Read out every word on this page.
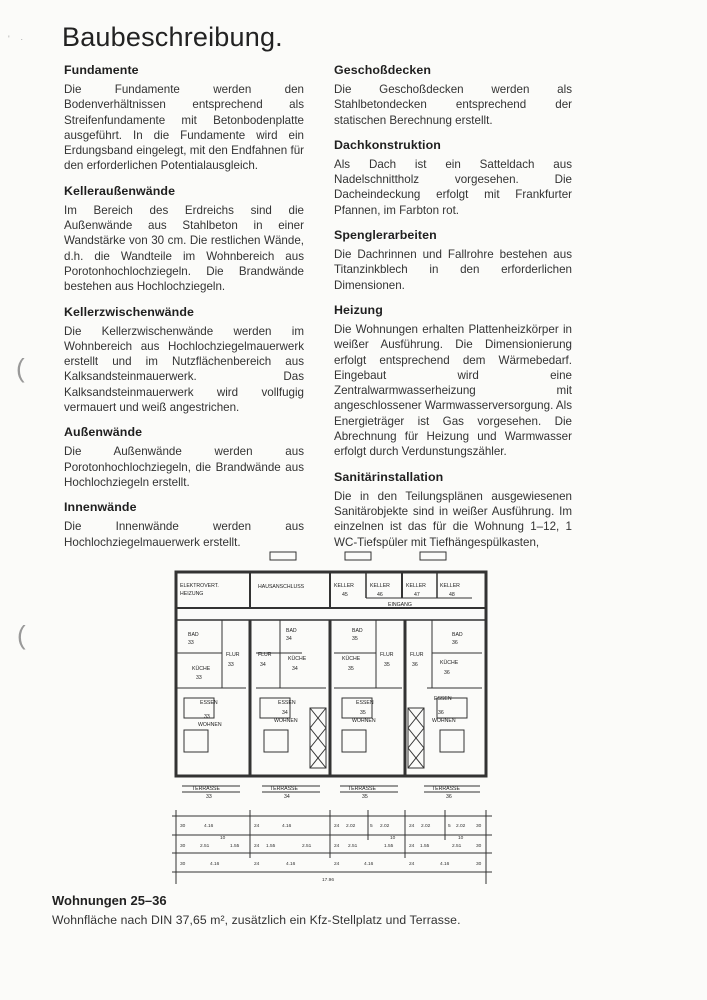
' ·
(
(
Baubeschreibung.
Fundamente

Die Fundamente werden den Bodenverhältnissen entsprechend als Streifenfundamente mit Betonbodenplatte ausgeführt. In die Fundamente wird ein Erdungsband eingelegt, mit den Endfahnen für den erforderlichen Potentialausgleich.

Kelleraußenwände

Im Bereich des Erdreichs sind die Außenwände aus Stahlbeton in einer Wandstärke von 30 cm. Die restlichen Wände, d.h. die Wandteile im Wohnbereich aus Porotonhochlochziegeln. Die Brandwände bestehen aus Hochlochziegeln.

Kellerzwischenwände

Die Kellerzwischenwände werden im Wohnbereich aus Hochlochziegelmauerwerk erstellt und im Nutzflächenbereich aus Kalksandsteinmauerwerk. Das Kalksandsteinmauerwerk wird vollfugig vermauert und weiß angestrichen.

Außenwände

Die Außenwände werden aus Porotonhochlochziegeln, die Brandwände aus Hochlochziegeln erstellt.

Innenwände

Die Innenwände werden aus Hochlochziegelmauerwerk erstellt.

Geschoßdecken

Die Geschoßdecken werden als Stahlbetondecken entsprechend der statischen Berechnung erstellt.

Dachkonstruktion

Als Dach ist ein Satteldach aus Nadelschnittholz vorgesehen. Die Dacheindeckung erfolgt mit Frankfurter Pfannen, im Farbton rot.

Spenglerarbeiten

Die Dachrinnen und Fallrohre bestehen aus Titanzinkblech in den erforderlichen Dimensionen.

Heizung

Die Wohnungen erhalten Plattenheizkörper in weißer Ausführung. Die Dimensionierung erfolgt entsprechend dem Wärmebedarf. Eingebaut wird eine Zentralwarmwasserheizung mit angeschlossener Warmwasserversorgung. Als Energieträger ist Gas vorgesehen. Die Abrechnung für Heizung und Warmwasser erfolgt durch Verdunstungszähler.

Sanitärinstallation

Die in den Teilungsplänen ausgewiesenen Sanitärobjekte sind in weißer Ausführung. Im einzelnen ist das für die Wohnung 1–12, 1 WC-Tiefspüler mit Tiefhängespülkasten,

ELEKTROVERT.
HEIZUNG
HAUSANSCHLUSS	KELLER	KELLER	KELLER	KELLER
EINGANG
45	46	47	48
BAD
33
FLUR
33
KÜCHE
33
ESSEN
33
WOHNEN
TERRASSE
33
BAD
34
FLUR
34
KÜCHE
34
ESSEN
34
WOHNEN
TERRASSE
34
BAD
35
FLUR
35
KÜCHE
35
ESSEN
35
WOHNEN
TERRASSE
35
BAD
36
FLUR
36	KÜCHE
36
ESSEN
36
WOHNEN
TERRASSE
36
30	4.16	24	4.16	24 2.02	5 2.02	24 2.02	5 2.02 30
10	10	10
30	2.51	1.55	24 1.55	2.51	24 2.51	1.55	24 1.55	2.51	30
30	4.16	24	4.16	24	4.16	24	4.16	30
17.96

Wohnungen 25–36

Wohnfläche nach DIN 37,65 m², zusätzlich ein Kfz-Stellplatz und Terrasse.
